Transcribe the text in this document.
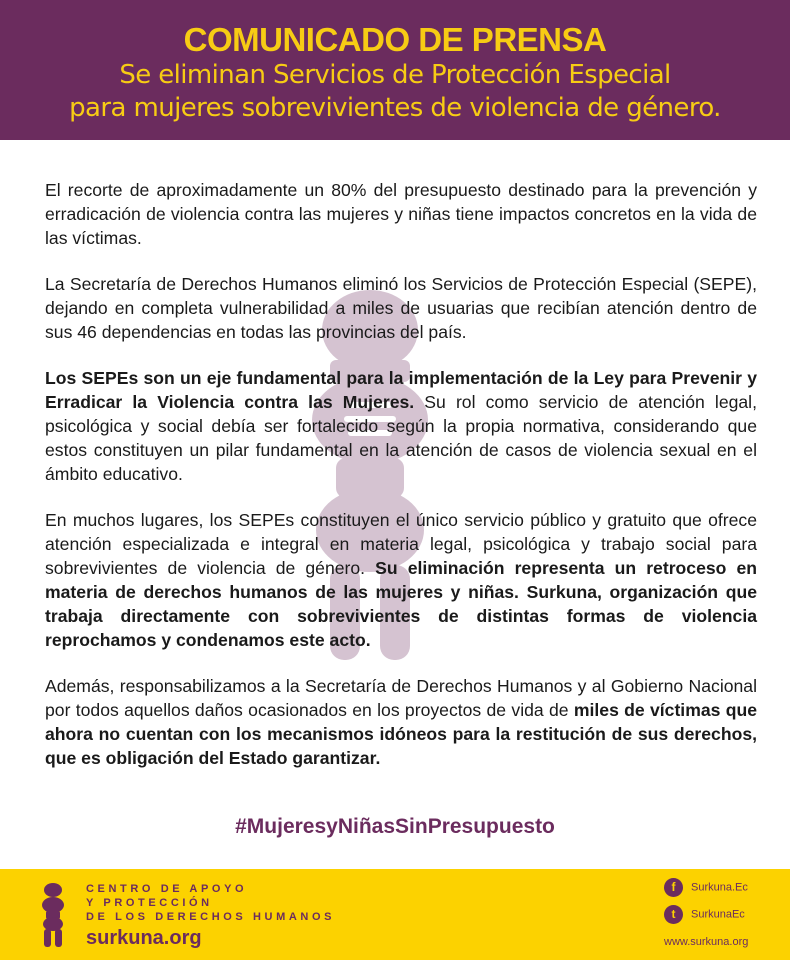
COMUNICADO DE PRENSA
Se eliminan Servicios de Protección Especial
para mujeres sobrevivientes de violencia de género.

El recorte de aproximadamente un 80% del presupuesto destinado para la prevención y erradicación de violencia contra las mujeres y niñas tiene impactos concretos en la vida de las víctimas.

La Secretaría de Derechos Humanos eliminó los Servicios de Protección Especial (SEPE), dejando en completa vulnerabilidad a miles de usuarias que recibían atención dentro de sus 46 dependencias en todas las provincias del país.

Los SEPEs son un eje fundamental para la implementación de la Ley para Prevenir y Erradicar la Violencia contra las Mujeres. Su rol como servicio de atención legal, psicológica y social debía ser fortalecido según la propia normativa, considerando que estos constituyen un pilar fundamental en la atención de casos de violencia sexual en el ámbito educativo.

En muchos lugares, los SEPEs constituyen el único servicio público y gratuito que ofrece atención especializada e integral en materia legal, psicológica y trabajo social para sobrevivientes de violencia de género. Su eliminación representa un retroceso en materia de derechos humanos de las mujeres y niñas. Surkuna, organización que trabaja directamente con sobrevivientes de distintas formas de violencia reprochamos y condenamos este acto.

Además, responsabilizamos a la Secretaría de Derechos Humanos y al Gobierno Nacional por todos aquellos daños ocasionados en los proyectos de vida de miles de víctimas que ahora no cuentan con los mecanismos idóneos para la restitución de sus derechos, que es obligación del Estado garantizar.

#MujeresyNiñasSinPresupuesto
CENTRO DE APOYO
Y PROTECCIÓN
DE LOS DERECHOS HUMANOS
surkuna.org
f Surkuna.Ec
t SurkunaEc
www.surkuna.org
